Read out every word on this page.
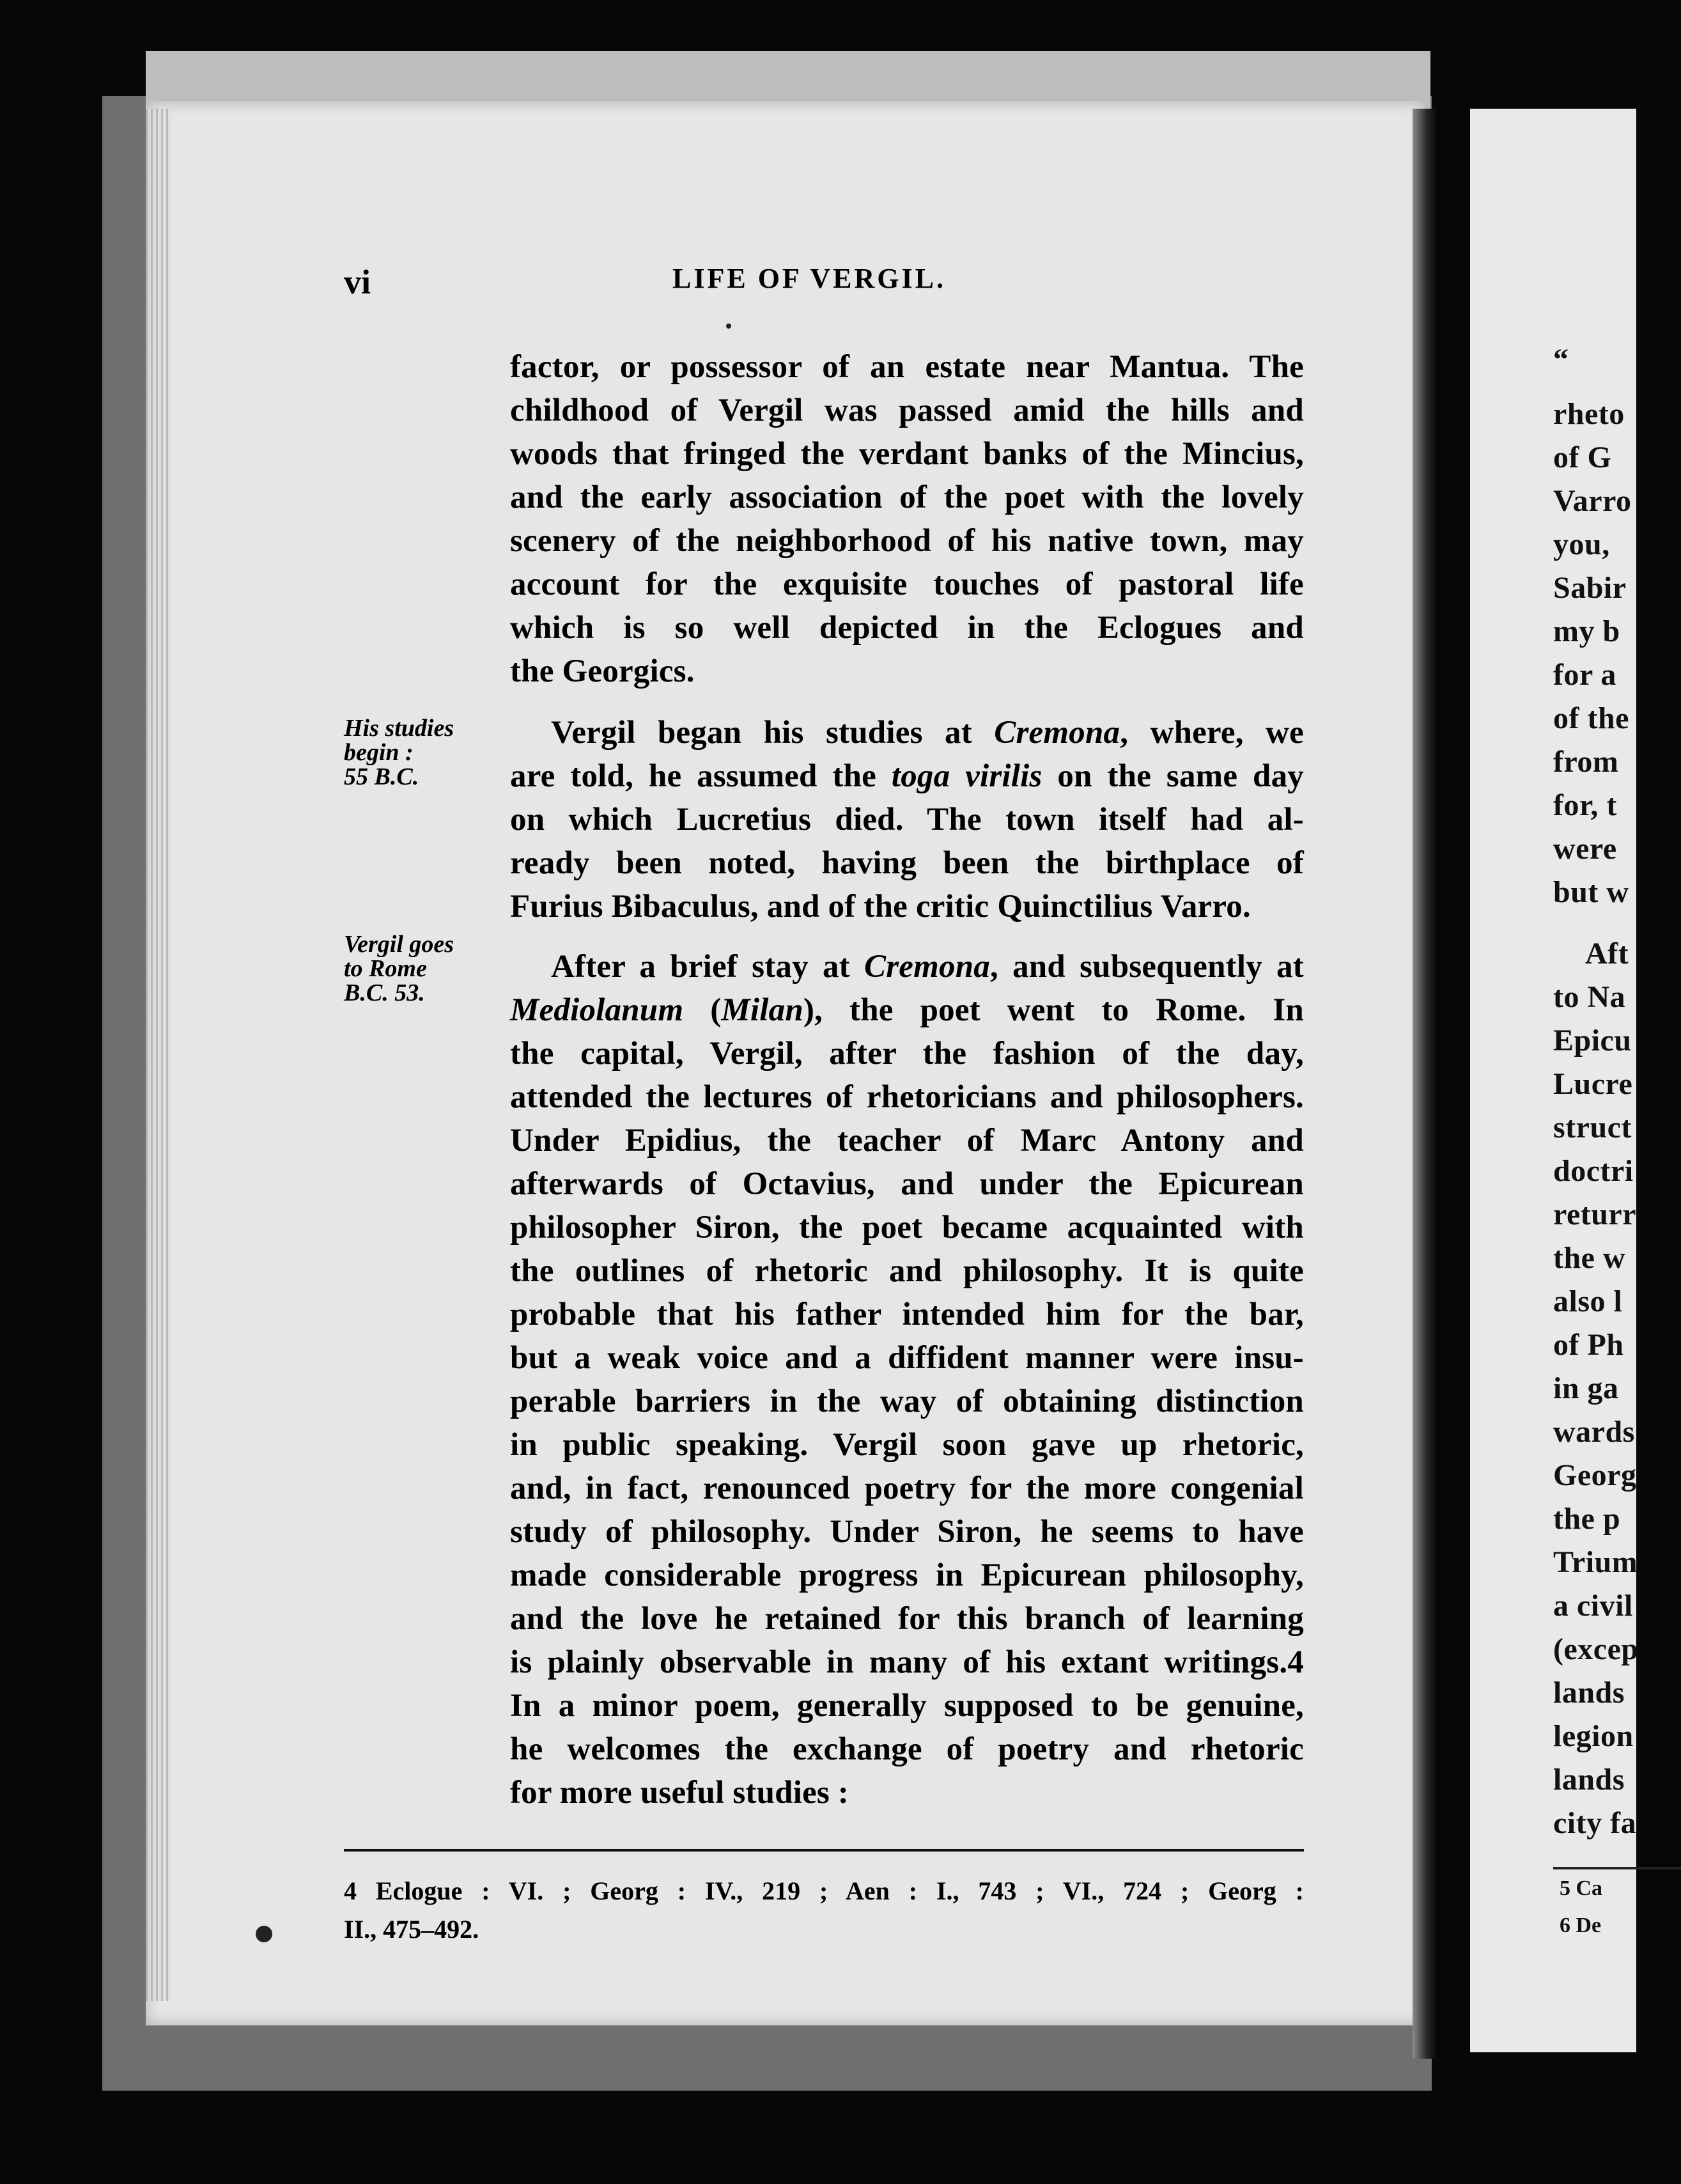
“
rheto
of G
Varro
you,
Sabir
my b
for a
of the
from
for, t
were
but w
Aft
to Na
Epicu
Lucre
struct
doctri
returr
the w
also l
of Ph
in ga
wards
Georg
the p
Trium
a civil
(excep
lands
legion
lands
city fa
5 Ca
6 De
vi	LIFE OF VERGIL.
factor, or possessor of an estate near Mantua. The
childhood of Vergil was passed amid the hills and
woods that fringed the verdant banks of the Mincius,
and the early association of the poet with the lovely
scenery of the neighborhood of his native town, may
account for the exquisite touches of pastoral life
which is so well depicted in the Eclogues and
the Georgics.
Vergil began his studies at Cremona, where, we
are told, he assumed the toga virilis on the same day
on which Lucretius died. The town itself had al-
ready been noted, having been the birthplace of
Furius Bibaculus, and of the critic Quinctilius Varro.
After a brief stay at Cremona, and subsequently at
Mediolanum (Milan), the poet went to Rome. In
the capital, Vergil, after the fashion of the day,
attended the lectures of rhetoricians and philosophers.
Under Epidius, the teacher of Marc Antony and
afterwards of Octavius, and under the Epicurean
philosopher Siron, the poet became acquainted with
the outlines of rhetoric and philosophy. It is quite
probable that his father intended him for the bar,
but a weak voice and a diffident manner were insu-
perable barriers in the way of obtaining distinction
in public speaking. Vergil soon gave up rhetoric,
and, in fact, renounced poetry for the more congenial
study of philosophy. Under Siron, he seems to have
made considerable progress in Epicurean philosophy,
and the love he retained for this branch of learning
is plainly observable in many of his extant writings.4
In a minor poem, generally supposed to be genuine,
he welcomes the exchange of poetry and rhetoric
for more useful studies :
His studies
begin :
55 B.C.
Vergil goes
to Rome
B.C. 53.
4 Eclogue : VI. ; Georg : IV., 219 ; Aen : I., 743 ; VI., 724 ; Georg :
II., 475–492.
